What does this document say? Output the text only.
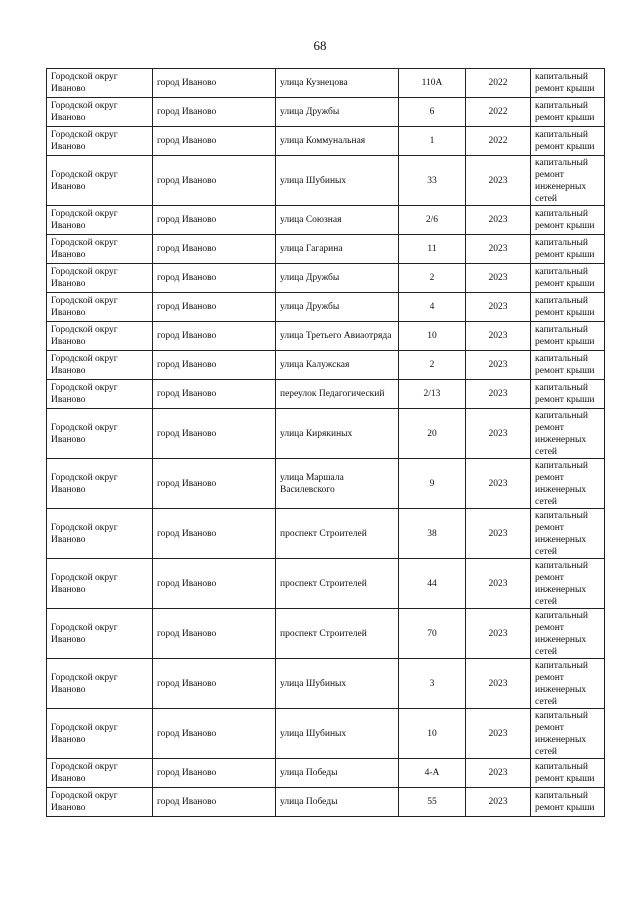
68
Городской округ Иваново	город Иваново	улица Кузнецова	110А	2022	капитальный ремонт крыши
Городской округ Иваново	город Иваново	улица Дружбы	6	2022	капитальный ремонт крыши
Городской округ Иваново	город Иваново	улица Коммунальная	1	2022	капитальный ремонт крыши
Городской округ Иваново	город Иваново	улица Шубиных	33	2023	капитальный ремонт инженерных сетей
Городской округ Иваново	город Иваново	улица Союзная	2/6	2023	капитальный ремонт крыши
Городской округ Иваново	город Иваново	улица Гагарина	11	2023	капитальный ремонт крыши
Городской округ Иваново	город Иваново	улица Дружбы	2	2023	капитальный ремонт крыши
Городской округ Иваново	город Иваново	улица Дружбы	4	2023	капитальный ремонт крыши
Городской округ Иваново	город Иваново	улица Третьего Авиаотряда	10	2023	капитальный ремонт крыши
Городской округ Иваново	город Иваново	улица Калужская	2	2023	капитальный ремонт крыши
Городской округ Иваново	город Иваново	переулок Педагогический	2/13	2023	капитальный ремонт крыши
Городской округ Иваново	город Иваново	улица Кирякиных	20	2023	капитальный ремонт инженерных сетей
Городской округ Иваново	город Иваново	улица Маршала Василевского	9	2023	капитальный ремонт инженерных сетей
Городской округ Иваново	город Иваново	проспект Строителей	38	2023	капитальный ремонт инженерных сетей
Городской округ Иваново	город Иваново	проспект Строителей	44	2023	капитальный ремонт инженерных сетей
Городской округ Иваново	город Иваново	проспект Строителей	70	2023	капитальный ремонт инженерных сетей
Городской округ Иваново	город Иваново	улица Шубиных	3	2023	капитальный ремонт инженерных сетей
Городской округ Иваново	город Иваново	улица Шубиных	10	2023	капитальный ремонт инженерных сетей
Городской округ Иваново	город Иваново	улица Победы	4-А	2023	капитальный ремонт крыши
Городской округ Иваново	город Иваново	улица Победы	55	2023	капитальный ремонт крыши
